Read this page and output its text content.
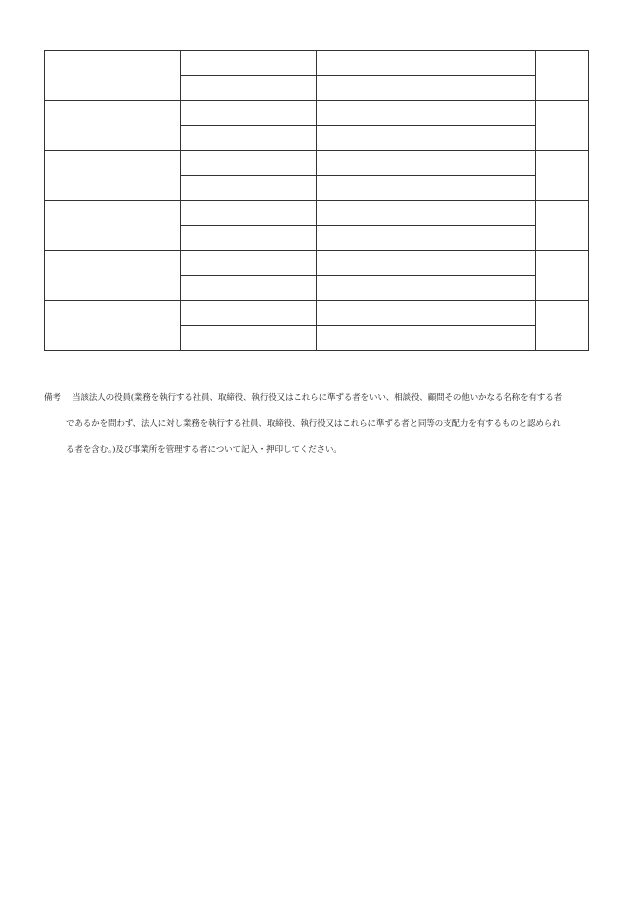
備考 当該法人の役員(業務を執行する社員、取締役、執行役又はこれらに準ずる者をいい、相談役、顧問その他いかなる名称を有する者
であるかを問わず、法人に対し業務を執行する社員、取締役、執行役又はこれらに準ずる者と同等の支配力を有するものと認められ
る者を含む。)及び事業所を管理する者について記入・押印してください。
